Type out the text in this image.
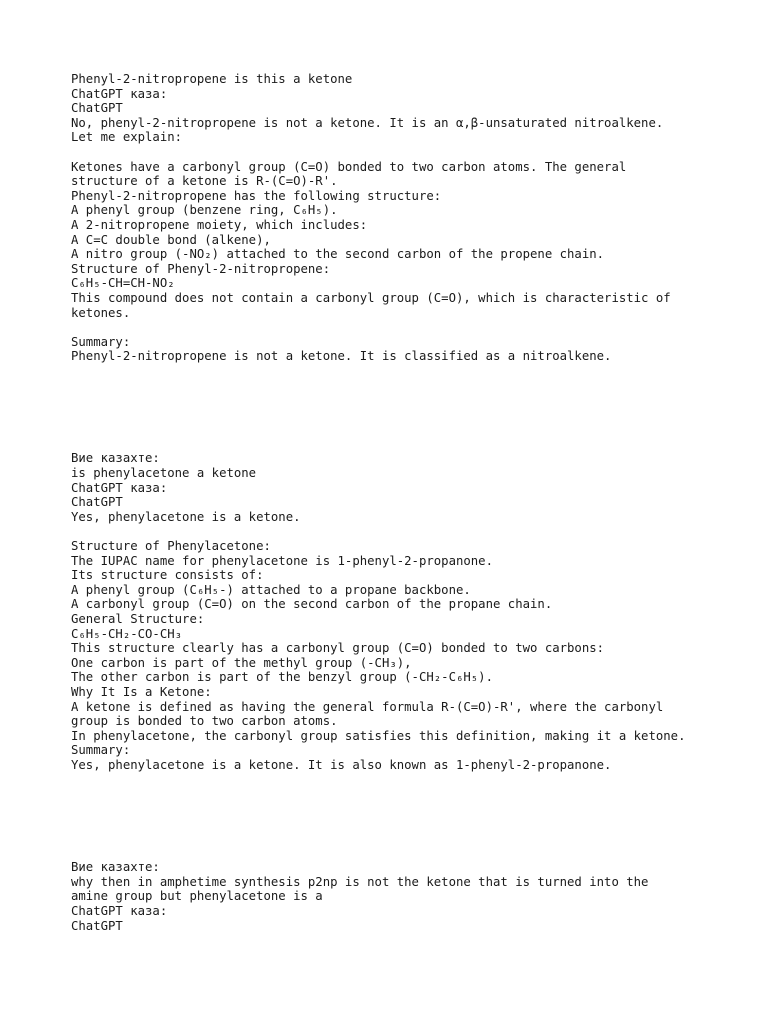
Phenyl-2-nitropropene is this a ketone
ChatGPT каза:
ChatGPT
No, phenyl-2-nitropropene is not a ketone. It is an α,β-unsaturated nitroalkene.
Let me explain:
Ketones have a carbonyl group (C=O) bonded to two carbon atoms. The general
structure of a ketone is R-(C=O)-R'.
Phenyl-2-nitropropene has the following structure:
A phenyl group (benzene ring, C₆H₅).
A 2-nitropropene moiety, which includes:
A C=C double bond (alkene),
A nitro group (-NO₂) attached to the second carbon of the propene chain.
Structure of Phenyl-2-nitropropene:
C₆H₅-CH=CH-NO₂
This compound does not contain a carbonyl group (C=O), which is characteristic of
ketones.
Summary:
Phenyl-2-nitropropene is not a ketone. It is classified as a nitroalkene.
Вие казахте:
is phenylacetone a ketone
ChatGPT каза:
ChatGPT
Yes, phenylacetone is a ketone.
Structure of Phenylacetone:
The IUPAC name for phenylacetone is 1-phenyl-2-propanone.
Its structure consists of:
A phenyl group (C₆H₅-) attached to a propane backbone.
A carbonyl group (C=O) on the second carbon of the propane chain.
General Structure:
C₆H₅-CH₂-CO-CH₃
This structure clearly has a carbonyl group (C=O) bonded to two carbons:
One carbon is part of the methyl group (-CH₃),
The other carbon is part of the benzyl group (-CH₂-C₆H₅).
Why It Is a Ketone:
A ketone is defined as having the general formula R-(C=O)-R', where the carbonyl
group is bonded to two carbon atoms.
In phenylacetone, the carbonyl group satisfies this definition, making it a ketone.
Summary:
Yes, phenylacetone is a ketone. It is also known as 1-phenyl-2-propanone.
Вие казахте:
why then in amphetime synthesis p2np is not the ketone that is turned into the
amine group but phenylacetone is a
ChatGPT каза:
ChatGPT
